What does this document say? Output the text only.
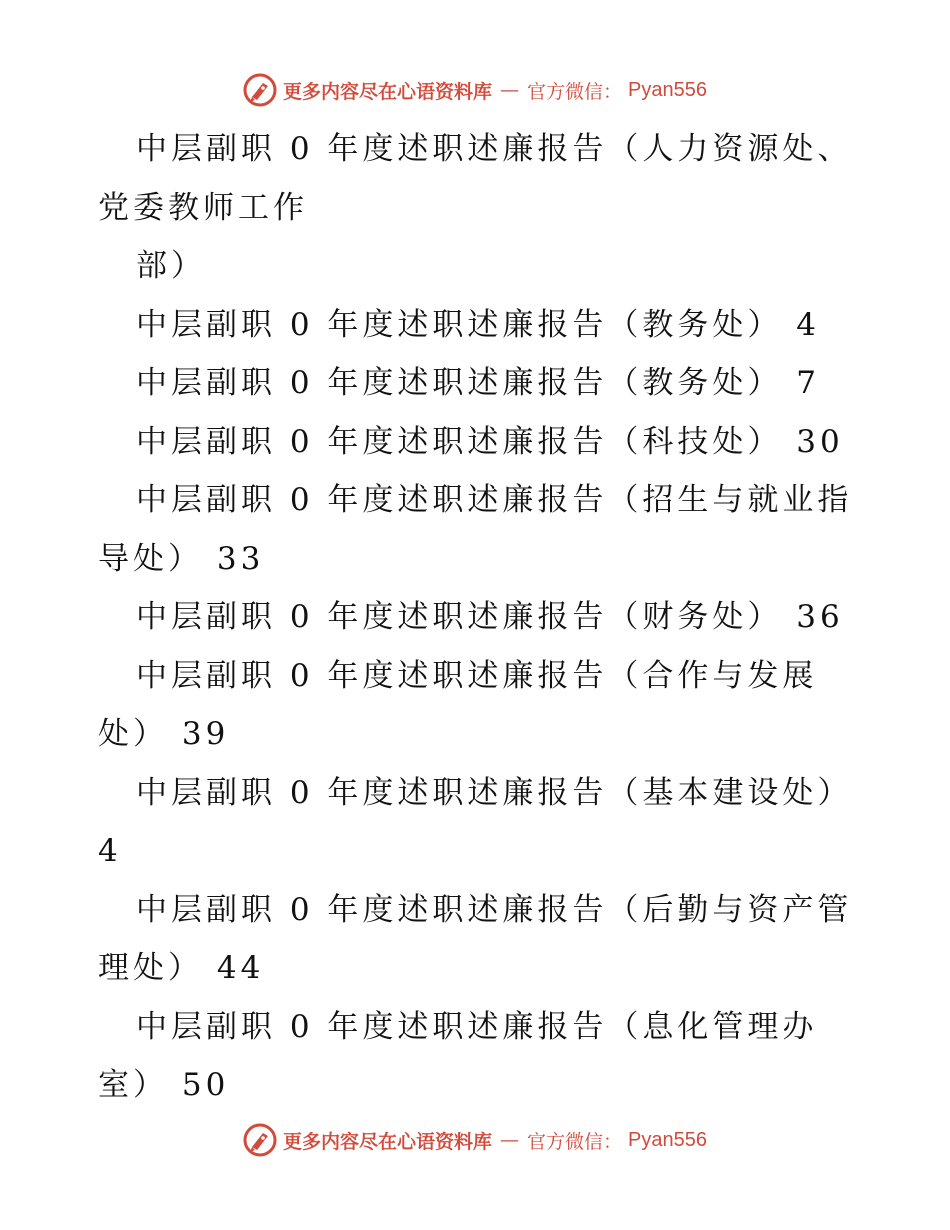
更多内容尽在心语资料库 — 官方微信： Pyan556
中层副职 0 年度述职述廉报告（人力资源处、
党委教师工作
部）
中层副职 0 年度述职述廉报告（教务处） 4
中层副职 0 年度述职述廉报告（教务处） 7
中层副职 0 年度述职述廉报告（科技处） 30
中层副职 0 年度述职述廉报告（招生与就业指
导处） 33
中层副职 0 年度述职述廉报告（财务处） 36
中层副职 0 年度述职述廉报告（合作与发展
处） 39
中层副职 0 年度述职述廉报告（基本建设处）
4
中层副职 0 年度述职述廉报告（后勤与资产管
理处） 44
中层副职 0 年度述职述廉报告（息化管理办
室） 50
更多内容尽在心语资料库 — 官方微信： Pyan556
